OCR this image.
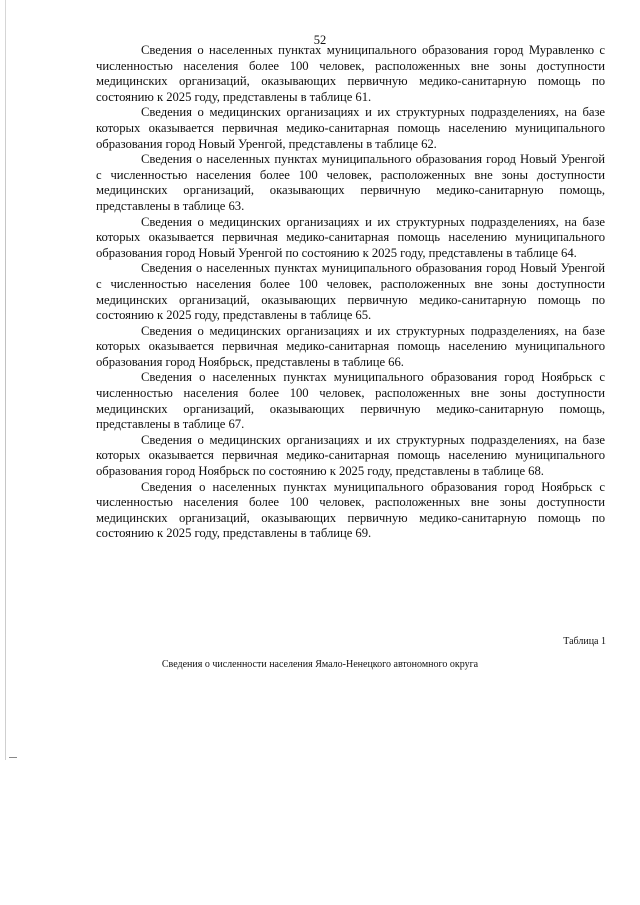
52

Сведения о населенных пунктах муниципального образования город Муравленко с численностью населения более 100 человек, расположенных вне зоны доступности медицинских организаций, оказывающих первичную медико-санитарную помощь по состоянию к 2025 году, представлены в таблице 61.

Сведения о медицинских организациях и их структурных подразделениях, на базе которых оказывается первичная медико-санитарная помощь населению муниципального образования город Новый Уренгой, представлены в таблице 62.

Сведения о населенных пунктах муниципального образования город Новый Уренгой с численностью населения более 100 человек, расположенных вне зоны доступности медицинских организаций, оказывающих первичную медико-санитарную помощь, представлены в таблице 63.

Сведения о медицинских организациях и их структурных подразделениях, на базе которых оказывается первичная медико-санитарная помощь населению муниципального образования город Новый Уренгой по состоянию к 2025 году, представлены в таблице 64.

Сведения о населенных пунктах муниципального образования город Новый Уренгой с численностью населения более 100 человек, расположенных вне зоны доступности медицинских организаций, оказывающих первичную медико-санитарную помощь по состоянию к 2025 году, представлены в таблице 65.

Сведения о медицинских организациях и их структурных подразделениях, на базе которых оказывается первичная медико-санитарная помощь населению муниципального образования город Ноябрьск, представлены в таблице 66.

Сведения о населенных пунктах муниципального образования город Ноябрьск с численностью населения более 100 человек, расположенных вне зоны доступности медицинских организаций, оказывающих первичную медико-санитарную помощь, представлены в таблице 67.

Сведения о медицинских организациях и их структурных подразделениях, на базе которых оказывается первичная медико-санитарная помощь населению муниципального образования город Ноябрьск по состоянию к 2025 году, представлены в таблице 68.

Сведения о населенных пунктах муниципального образования город Ноябрьск с численностью населения более 100 человек, расположенных вне зоны доступности медицинских организаций, оказывающих первичную медико-санитарную помощь по состоянию к 2025 году, представлены в таблице 69.

Таблица 1
Сведения о численности населения Ямало-Ненецкого автономного округа
